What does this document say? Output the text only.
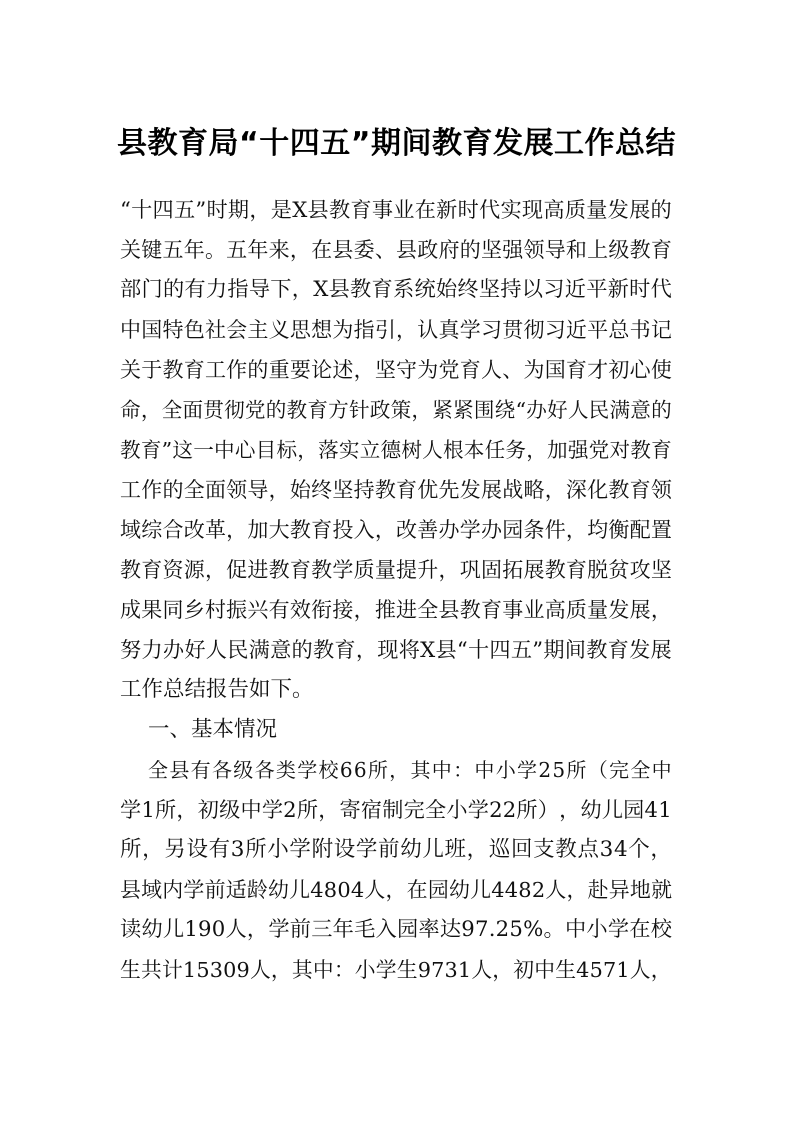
县教育局“十四五”期间教育发展工作总结
“ 十 四 五 ” 时 期 ， 是 X 县 教 育 事 业 在 新 时 代 实 现 高 质 量 发 展 的
关 键 五 年 。 五 年 来 ， 在 县 委 、 县 政 府 的 坚 强 领 导 和 上 级 教 育
部 门 的 有 力 指 导 下 ， X 县 教 育 系 统 始 终 坚 持 以 习 近 平 新 时 代
中 国 特 色 社 会 主 义 思 想 为 指 引 ， 认 真 学 习 贯 彻 习 近 平 总 书 记
关 于 教 育 工 作 的 重 要 论 述 ， 坚 守 为 党 育 人 、 为 国 育 才 初 心 使
命 ， 全 面 贯 彻 党 的 教 育 方 针 政 策 ， 紧 紧 围 绕 “ 办 好 人 民 满 意 的
教 育 ” 这 一 中 心 目 标 ， 落 实 立 德 树 人 根 本 任 务 ， 加 强 党 对 教 育
工 作 的 全 面 领 导 ， 始 终 坚 持 教 育 优 先 发 展 战 略 ， 深 化 教 育 领
域 综 合 改 革 ， 加 大 教 育 投 入 ， 改 善 办 学 办 园 条 件 ， 均 衡 配 置
教 育 资 源 ， 促 进 教 育 教 学 质 量 提 升 ， 巩 固 拓 展 教 育 脱 贫 攻 坚
成 果 同 乡 村 振 兴 有 效 衔 接 ， 推 进 全 县 教 育 事 业 高 质 量 发 展 ，
努 力 办 好 人 民 满 意 的 教 育 ， 现 将 X 县 “ 十 四 五 ” 期 间 教 育 发 展
工作总结报告如下。
一、基本情况
全 县 有 各 级 各 类 学 校 6 6 所 ， 其 中 ： 中 小 学 2 5 所 （ 完 全 中
学 1 所 ， 初 级 中 学 2 所 ， 寄 宿 制 完 全 小 学 2 2 所 ） ， 幼 儿 园 4 1
所 ， 另 设 有 3 所 小 学 附 设 学 前 幼 儿 班 ， 巡 回 支 教 点 3 4 个 ，
县 域 内 学 前 适 龄 幼 儿 4 8 0 4 人 ， 在 园 幼 儿 4 4 8 2 人 ， 赴 异 地 就
读 幼 儿 1 9 0 人 ， 学 前 三 年 毛 入 园 率 达 9 7 . 2 5 % 。 中 小 学 在 校
生 共 计 1 5 3 0 9 人 ， 其 中 ： 小 学 生 9 7 3 1 人 ， 初 中 生 4 5 7 1 人 ，
